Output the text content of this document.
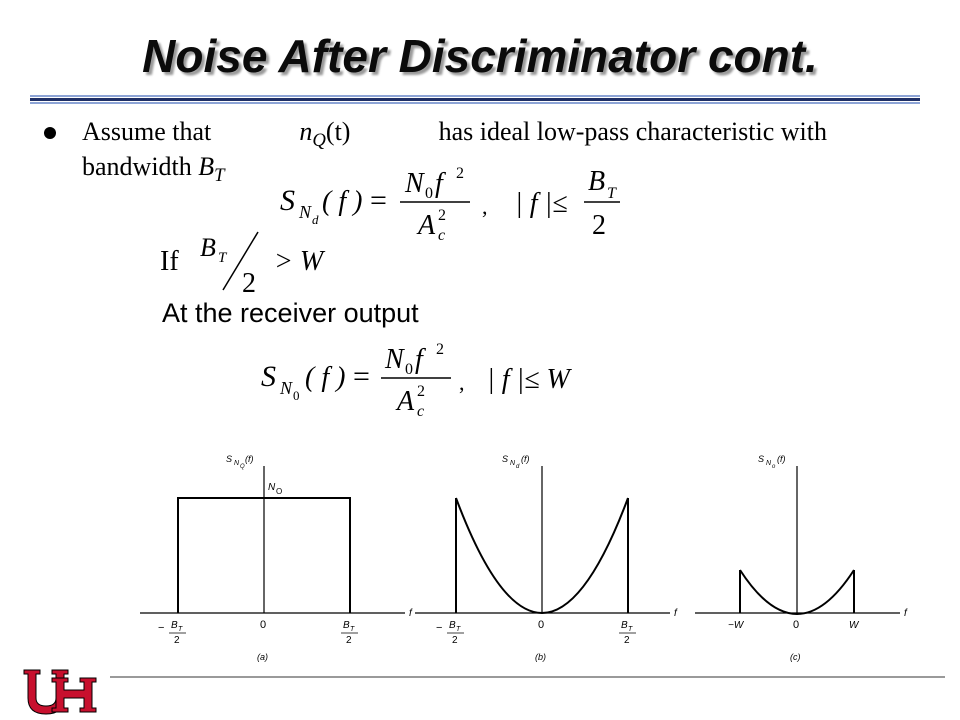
Noise After Discriminator cont.
Assume that	$n_Q(t)$	has ideal low-pass characteristic with
bandwidth $B_T$
S N d
( f ) =
N 0 f 2
A 2
c
, | f |≤
B T
2
If B T
2
> W
At the receiver output
S N 0
( f ) =
N 0 f 2
A 2
c
, | f |≤ W
S N Q
(f)
N O
f
− B T
2
0	B T
2
(a)
S N d
(f)
f
− B T
2
0	B T
2
(b)
S N o
(f)
f
−W	0	W
(c)
